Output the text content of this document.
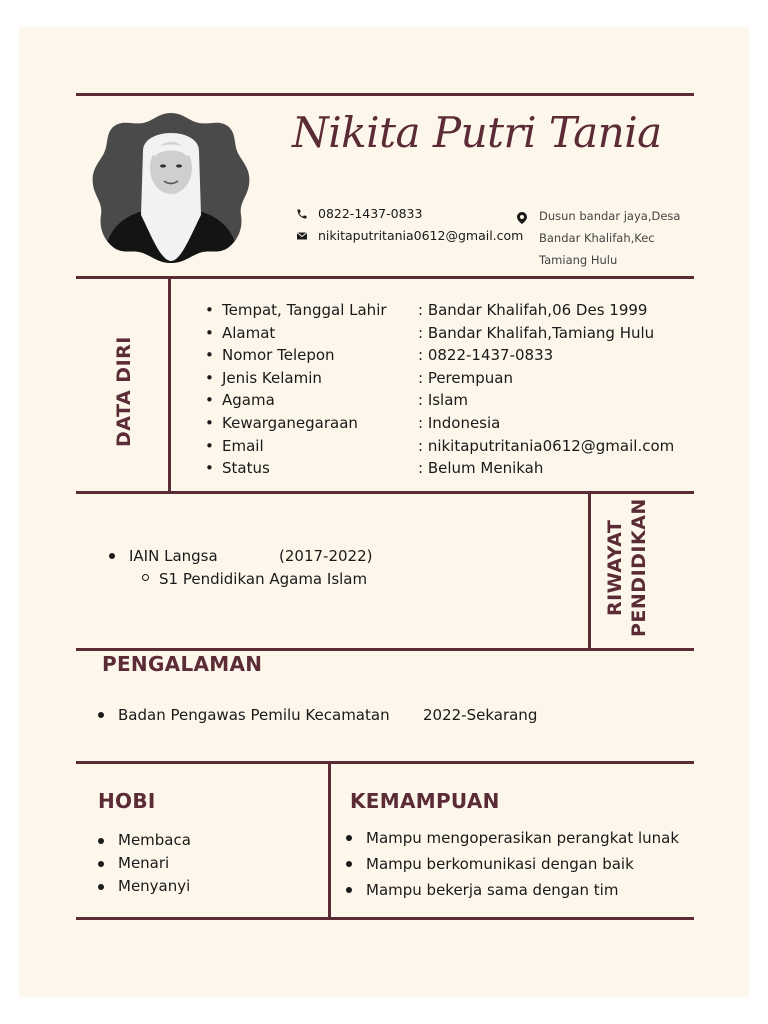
Nikita Putri Tania
0822-1437-0833
nikitaputritania0612@gmail.com
Dusun bandar jaya,Desa
Bandar Khalifah,Kec
Tamiang Hulu
DATA DIRI
• Tempat, Tanggal Lahir	: Bandar Khalifah,06 Des 1999
• Alamat	: Bandar Khalifah,Tamiang Hulu
• Nomor Telepon	: 0822-1437-0833
• Jenis Kelamin	: Perempuan
• Agama	: Islam
• Kewarganegaraan	: Indonesia
• Email	: nikitaputritania0612@gmail.com
• Status	: Belum Menikah
RIWAYAT PENDIDIKAN
IAIN Langsa	(2017-2022)
S1 Pendidikan Agama Islam
PENGALAMAN
Badan Pengawas Pemilu Kecamatan 2022-Sekarang
HOBI
Membaca
Menari
Menyanyi
KEMAMPUAN
Mampu mengoperasikan perangkat lunak
Mampu berkomunikasi dengan baik
Mampu bekerja sama dengan tim
